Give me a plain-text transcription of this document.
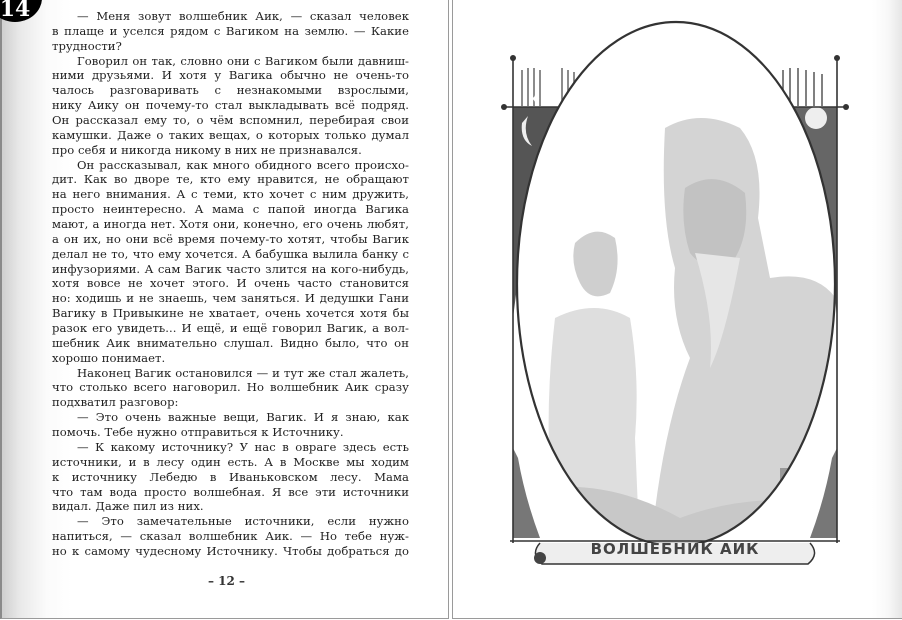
14	— Меня зовут волшебник Аик, — сказал человек
в плаще и уселся рядом с Вагиком на землю. — Какие
трудности?
Говорил он так, словно они с Вагиком были давниш-
ними друзьями. И хотя у Вагика обычно не очень-то
чалось разговаривать с незнакомыми взрослыми,
нику Аику он почему-то стал выкладывать всё подряд.
Он рассказал ему то, о чём вспомнил, перебирая свои
камушки. Даже о таких вещах, о которых только думал
про себя и никогда никому в них не признавался.
Он рассказывал, как много обидного всего происхо-
дит. Как во дворе те, кто ему нравится, не обращают
на него внимания. А с теми, кто хочет с ним дружить,
просто неинтересно. А мама с папой иногда Вагика
мают, а иногда нет. Хотя они, конечно, его очень любят,
а он их, но они всё время почему-то хотят, чтобы Вагик
делал не то, что ему хочется. А бабушка вылила банку с
инфузориями. А сам Вагик часто злится на кого-нибудь,
хотя вовсе не хочет этого. И очень часто становится
но: ходишь и не знаешь, чем заняться. И дедушки Гани
Вагику в Привыкине не хватает, очень хочется хотя бы
разок его увидеть... И ещё, и ещё говорил Вагик, а вол-
шебник Аик внимательно слушал. Видно было, что он
хорошо понимает.
Наконец Вагик остановился — и тут же стал жалеть,
что столько всего наговорил. Но волшебник Аик сразу
подхватил разговор:
— Это очень важные вещи, Вагик. И я знаю, как
помочь. Тебе нужно отправиться к Источнику.
— К какому источнику? У нас в овраге здесь есть
источники, и в лесу один есть. А в Москве мы ходим
к источнику Лебедю в Иваньковском лесу. Мама
что там вода просто волшебная. Я все эти источники
видал. Даже пил из них.
— Это замечательные источники, если нужно
напиться, — сказал волшебник Аик. — Но тебе нуж-
но к самому чудесному Источнику. Чтобы добраться до
– 12 –
✦
ВОЛШЕБНИК АИК
